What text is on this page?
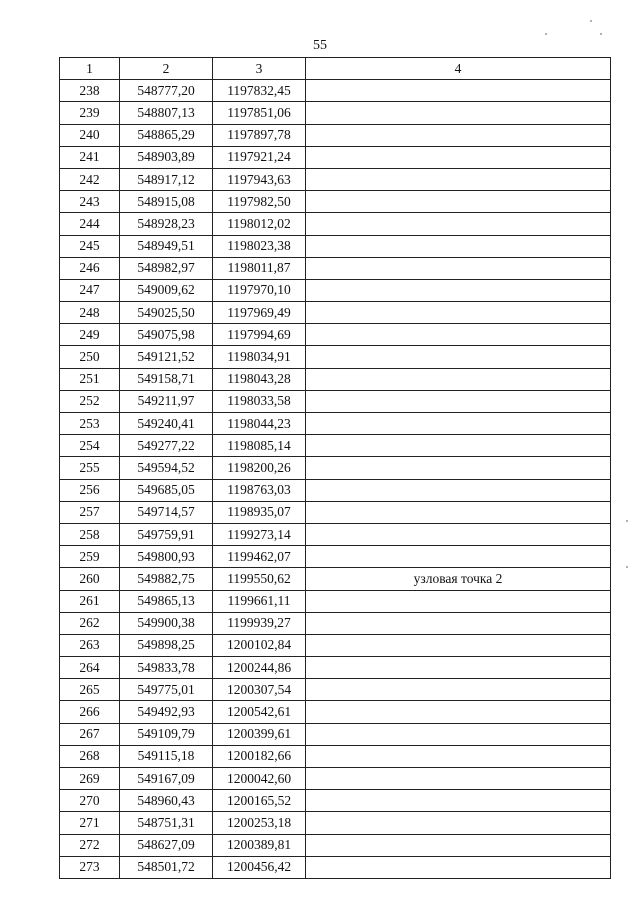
55
1	2	3	4
238	548777,20	1197832,45	
239	548807,13	1197851,06	
240	548865,29	1197897,78	
241	548903,89	1197921,24	
242	548917,12	1197943,63	
243	548915,08	1197982,50	
244	548928,23	1198012,02	
245	548949,51	1198023,38	
246	548982,97	1198011,87	
247	549009,62	1197970,10	
248	549025,50	1197969,49	
249	549075,98	1197994,69	
250	549121,52	1198034,91	
251	549158,71	1198043,28	
252	549211,97	1198033,58	
253	549240,41	1198044,23	
254	549277,22	1198085,14	
255	549594,52	1198200,26	
256	549685,05	1198763,03	
257	549714,57	1198935,07	
258	549759,91	1199273,14	
259	549800,93	1199462,07	
260	549882,75	1199550,62	узловая точка 2
261	549865,13	1199661,11	
262	549900,38	1199939,27	
263	549898,25	1200102,84	
264	549833,78	1200244,86	
265	549775,01	1200307,54	
266	549492,93	1200542,61	
267	549109,79	1200399,61	
268	549115,18	1200182,66	
269	549167,09	1200042,60	
270	548960,43	1200165,52	
271	548751,31	1200253,18	
272	548627,09	1200389,81	
273	548501,72	1200456,42	
